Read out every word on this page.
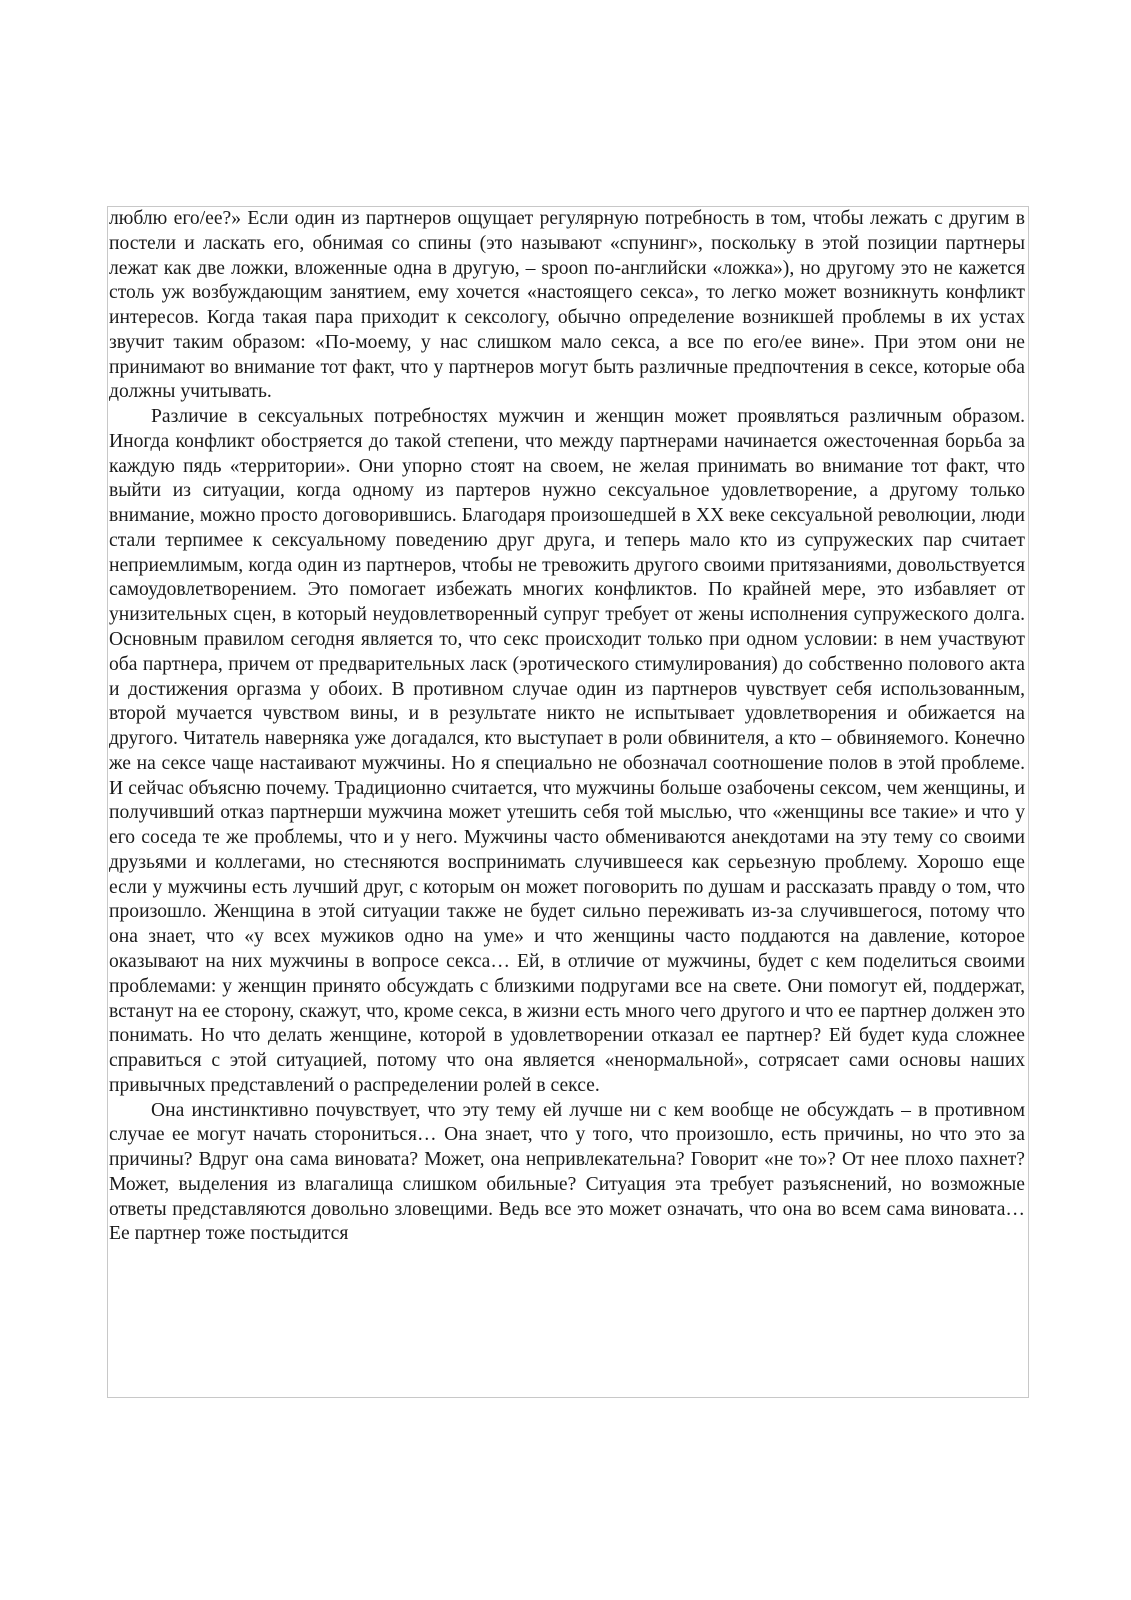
люблю его/ее?» Если один из партнеров ощущает регулярную потребность в том, чтобы лежать с другим в постели и ласкать его, обнимая со спины (это называют «спунинг», поскольку в этой позиции партнеры лежат как две ложки, вложенные одна в другую, – spoon по-английски «ложка»), но другому это не кажется столь уж возбуждающим занятием, ему хочется «настоящего секса», то легко может возникнуть конфликт интересов. Когда такая пара приходит к сексологу, обычно определение возникшей проблемы в их устах звучит таким образом: «По-моему, у нас слишком мало секса, а все по его/ее вине». При этом они не принимают во внимание тот факт, что у партнеров могут быть различные предпочтения в сексе, которые оба должны учитывать.

Различие в сексуальных потребностях мужчин и женщин может проявляться различным образом. Иногда конфликт обостряется до такой степени, что между партнерами начинается ожесточенная борьба за каждую пядь «территории». Они упорно стоят на своем, не желая принимать во внимание тот факт, что выйти из ситуации, когда одному из партеров нужно сексуальное удовлетворение, а другому только внимание, можно просто договорившись. Благодаря произошедшей в XX веке сексуальной революции, люди стали терпимее к сексуальному поведению друг друга, и теперь мало кто из супружеских пар считает неприемлимым, когда один из партнеров, чтобы не тревожить другого своими притязаниями, довольствуется самоудовлетворением. Это помогает избежать многих конфликтов. По крайней мере, это избавляет от унизительных сцен, в который неудовлетворенный супруг требует от жены исполнения супружеского долга. Основным правилом сегодня является то, что секс происходит только при одном условии: в нем участвуют оба партнера, причем от предварительных ласк (эротического стимулирования) до собственно полового акта и достижения оргазма у обоих. В противном случае один из партнеров чувствует себя использованным, второй мучается чувством вины, и в результате никто не испытывает удовлетворения и обижается на другого. Читатель наверняка уже догадался, кто выступает в роли обвинителя, а кто – обвиняемого. Конечно же на сексе чаще настаивают мужчины. Но я специально не обозначал соотношение полов в этой проблеме. И сейчас объясню почему. Традиционно считается, что мужчины больше озабочены сексом, чем женщины, и получивший отказ партнерши мужчина может утешить себя той мыслью, что «женщины все такие» и что у его соседа те же проблемы, что и у него. Мужчины часто обмениваются анекдотами на эту тему со своими друзьями и коллегами, но стесняются воспринимать случившееся как серьезную проблему. Хорошо еще если у мужчины есть лучший друг, с которым он может поговорить по душам и рассказать правду о том, что произошло. Женщина в этой ситуации также не будет сильно переживать из-за случившегося, потому что она знает, что «у всех мужиков одно на уме» и что женщины часто поддаются на давление, которое оказывают на них мужчины в вопросе секса… Ей, в отличие от мужчины, будет с кем поделиться своими проблемами: у женщин принято обсуждать с близкими подругами все на свете. Они помогут ей, поддержат, встанут на ее сторону, скажут, что, кроме секса, в жизни есть много чего другого и что ее партнер должен это понимать. Но что делать женщине, которой в удовлетворении отказал ее партнер? Ей будет куда сложнее справиться с этой ситуацией, потому что она является «ненормальной», сотрясает сами основы наших привычных представлений о распределении ролей в сексе.

Она инстинктивно почувствует, что эту тему ей лучше ни с кем вообще не обсуждать – в противном случае ее могут начать сторониться… Она знает, что у того, что произошло, есть причины, но что это за причины? Вдруг она сама виновата? Может, она непривлекательна? Говорит «не то»? От нее плохо пахнет? Может, выделения из влагалища слишком обильные? Ситуация эта требует разъяснений, но возможные ответы представляются довольно зловещими. Ведь все это может означать, что она во всем сама виновата… Ее партнер тоже постыдится
